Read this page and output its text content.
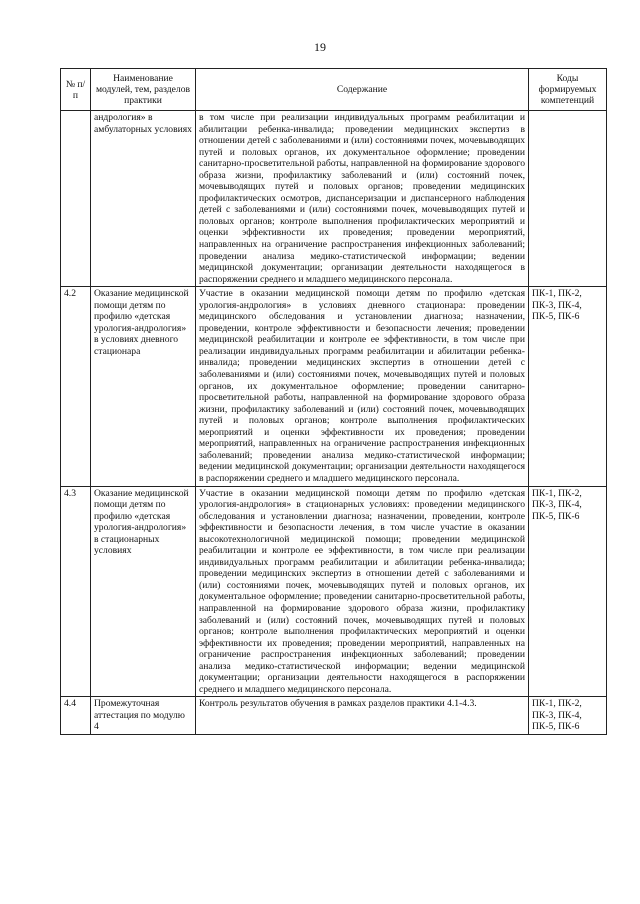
19
№ п/п	Наименование модулей, тем, разделов практики	Содержание	Коды формируемых компетенций
	андрология» в амбулаторных условиях	в том числе при реализации индивидуальных программ реабилитации и абилитации ребенка-инвалида; проведении медицинских экспертиз в отношении детей с заболеваниями и (или) состояниями почек, мочевыводящих путей и половых органов, их документальное оформление; проведении санитарно-просветительной работы, направленной на формирование здорового образа жизни, профилактику заболеваний и (или) состояний почек, мочевыводящих путей и половых органов; проведении медицинских профилактических осмотров, диспансеризации и диспансерного наблюдения детей с заболеваниями и (или) состояниями почек, мочевыводящих путей и половых органов; контроле выполнения профилактических мероприятий и оценки эффективности их проведения; проведении мероприятий, направленных на ограничение распространения инфекционных заболеваний; проведении анализа медико-статистической информации; ведении медицинской документации; организации деятельности находящегося в распоряжении среднего и младшего медицинского персонала.	
4.2	Оказание медицинской помощи детям по профилю «детская урология-андрология» в условиях дневного стационара	Участие в оказании медицинской помощи детям по профилю «детская урология-андрология» в условиях дневного стационара: проведении медицинского обследования и установлении диагноза; назначении, проведении, контроле эффективности и безопасности лечения; проведении медицинской реабилитации и контроле ее эффективности, в том числе при реализации индивидуальных программ реабилитации и абилитации ребенка-инвалида; проведении медицинских экспертиз в отношении детей с заболеваниями и (или) состояниями почек, мочевыводящих путей и половых органов, их документальное оформление; проведении санитарно-просветительной работы, направленной на формирование здорового образа жизни, профилактику заболеваний и (или) состояний почек, мочевыводящих путей и половых органов; контроле выполнения профилактических мероприятий и оценки эффективности их проведения; проведении мероприятий, направленных на ограничение распространения инфекционных заболеваний; проведении анализа медико-статистической информации; ведении медицинской документации; организации деятельности находящегося в распоряжении среднего и младшего медицинского персонала.	ПК-1, ПК-2, ПК-3, ПК-4, ПК-5, ПК-6
4.3	Оказание медицинской помощи детям по профилю «детская урология-андрология» в стационарных условиях	Участие в оказании медицинской помощи детям по профилю «детская урология-андрология» в стационарных условиях: проведении медицинского обследования и установлении диагноза; назначении, проведении, контроле эффективности и безопасности лечения, в том числе участие в оказании высокотехнологичной медицинской помощи; проведении медицинской реабилитации и контроле ее эффективности, в том числе при реализации индивидуальных программ реабилитации и абилитации ребенка-инвалида; проведении медицинских экспертиз в отношении детей с заболеваниями и (или) состояниями почек, мочевыводящих путей и половых органов, их документальное оформление; проведении санитарно-просветительной работы, направленной на формирование здорового образа жизни, профилактику заболеваний и (или) состояний почек, мочевыводящих путей и половых органов; контроле выполнения профилактических мероприятий и оценки эффективности их проведения; проведении мероприятий, направленных на ограничение распространения инфекционных заболеваний; проведении анализа медико-статистической информации; ведении медицинской документации; организации деятельности находящегося в распоряжении среднего и младшего медицинского персонала.	ПК-1, ПК-2, ПК-3, ПК-4, ПК-5, ПК-6
4.4	Промежуточная аттестация по модулю 4	Контроль результатов обучения в рамках разделов практики 4.1-4.3.	ПК-1, ПК-2, ПК-3, ПК-4, ПК-5, ПК-6
